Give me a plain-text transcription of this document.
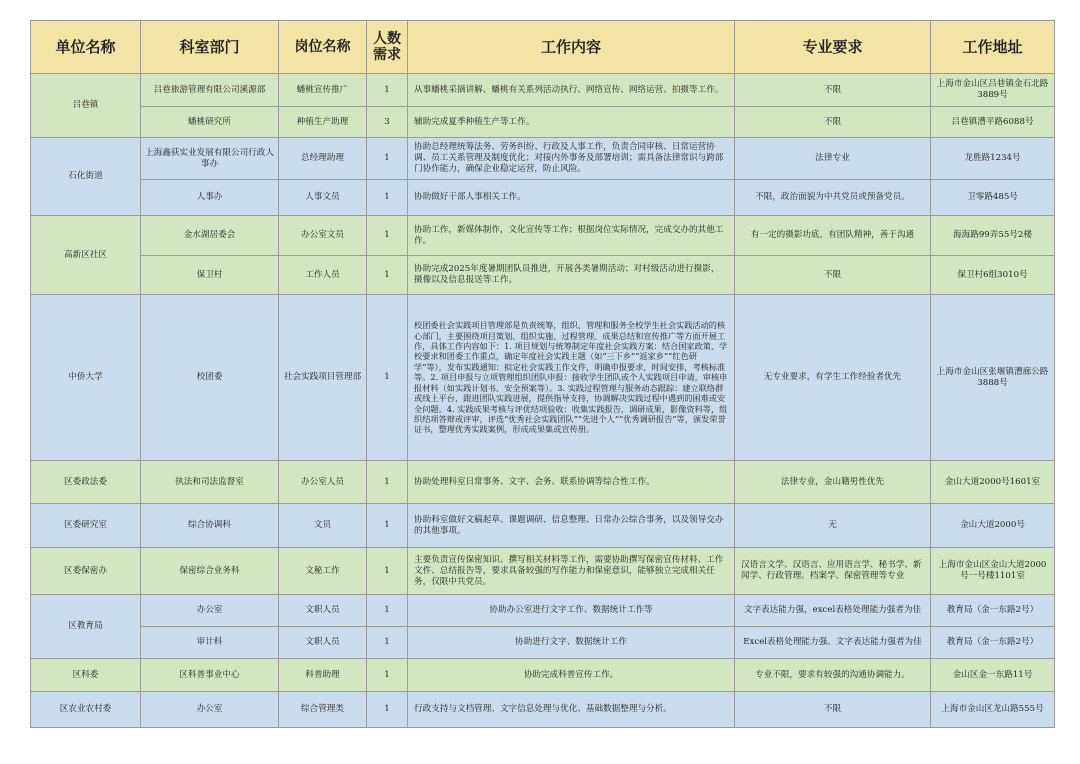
单位名称	科室部门	岗位名称	人数需求	工作内容	专业要求	工作地址
吕巷镇	吕巷旅游管理有限公司溪源部	蟠桃宣传推广	1	从事蟠桃采摘讲解、蟠桃有关系列活动执行、网络宣传、网络运营、拍摄等工作。	不限	上海市金山区吕巷镇金石北路3889号
	蟠桃研究所	种植生产助理	3	辅助完成夏季种植生产等工作。	不限	吕巷镇漕平路6088号
石化街道	上海鑫荻实业发展有限公司行政人事办	总经理助理	1	协助总经理统筹法务、劳务纠纷、行政及人事工作，负责合同审核、日常运营协调、员工关系管理及制度优化；对接内外事务及部署培训；需具备法律常识与跨部门协作能力，确保企业稳定运营，防止风险。	法律专业	龙胜路1234号
	人事办	人事文员	1	协助做好干部人事相关工作。	不限，政治面貌为中共党员或预备党员。	卫零路485号
高新区社区	金水湖居委会	办公室文员	1	协助工作，新媒体制作，文化宣传等工作；根据岗位实际情况，完成交办的其他工作。	有一定的摄影功底，有团队精神，善于沟通	海海路99弄55号2楼
	保卫村	工作人员	1	协助完成2025年度暑期团队员推进，开展各类暑期活动；对村级活动进行摄影，摄像以及信息报送等工作。	不限	保卫村6组3010号
中侨大学	校团委	社会实践项目管理部	1	校团委社会实践项目管理部是负责统筹，组织、管理和服务全校学生社会实践活动的核心部门，主要围绕项目策划、组织实施、过程管理、成果总结和宣传推广等方面开展工作，具体工作内容如下：1. 项目规划与统筹制定年度社会实践方案：结合国家政策、学校要求和团委工作重点，确定年度社会实践主题（如“三下乡”“返家乡”“红色研学”等），发布实践通知：拟定社会实践工作文件，明确申报要求，时间安排，考核标准等。2. 项目申报与立项管理组织团队申报：接收学生团队或个人实践项目申请，审核申报材料（如实践计划书、安全预案等）。3. 实践过程管理与服务动态跟踪：建立联络群或线上平台，跟进团队实践进展，提供指导支持，协调解决实践过程中遇到的困难或安全问题。4. 实践成果考核与评优结项验收：收集实践报告，调研成果，影像资料等，组织结项答辩或评审，评选“优秀社会实践团队”“先进个人”“优秀调研报告”等，颁发荣誉证书，整理优秀实践案例，形成成果集或宣传册。	无专业要求，有学生工作经验者优先	上海市金山区张堰镇漕廊公路3888号
区委政法委	执法和司法监督室	办公室人员	1	协助处理科室日常事务、文字、会务、联系协调等综合性工作。	法律专业，金山籍男性优先	金山大道2000号1601室
区委研究室	综合协调科	文员	1	协助科室做好文稿起草、课题调研、信息整理、日常办公综合事务，以及领导交办的其他事项。	无	金山大道2000号
区委保密办	保密综合业务科	文秘工作	1	主要负责宣传保密知识、撰写相关材料等工作，需要协助撰写保密宣传材料、工作文件、总结报告等，要求具备较强的写作能力和保密意识，能够独立完成相关任务，仅限中共党员。	汉语言文学、汉语言、应用语言学、秘书学、新闻学、行政管理、档案学、保密管理等专业	上海市金山区金山大道2000号一号楼1101室
区教育局	办公室	文职人员	1	协助办公室进行文字工作、数据统计工作等	文字表达能力强，excel表格处理能力强者为佳	教育局（金一东路2号）
	审计科	文职人员	1	协助进行文字、数据统计工作	Excel表格处理能力强、文字表达能力强者为佳	教育局（金一东路2号）
区科委	区科普事业中心	科普助理	1	协助完成科普宣传工作。	专业不限，要求有较强的沟通协调能力。	金山区金一东路11号
区农业农村委	办公室	综合管理类	1	行政支持与文档管理、文字信息处理与优化、基础数据整理与分析。	不限	上海市金山区龙山路555号
